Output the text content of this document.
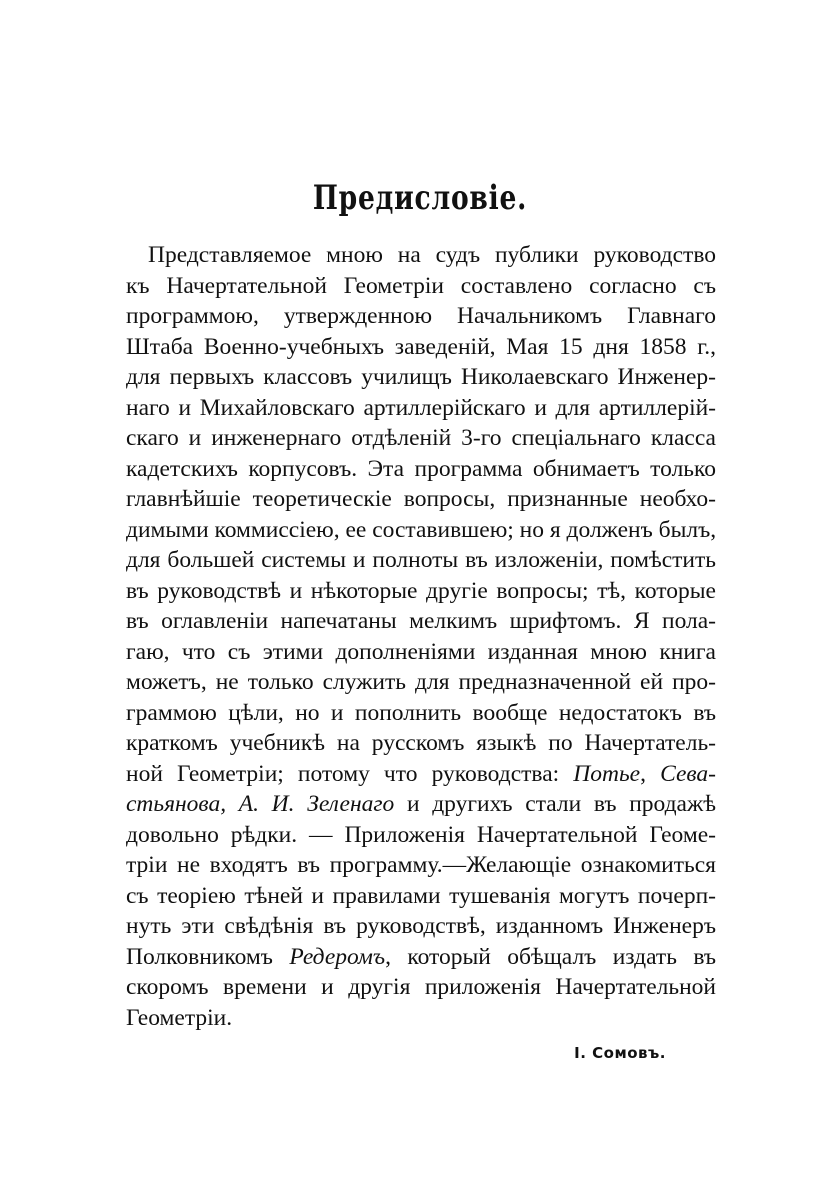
Предисловіе.
Представляемое мною на судъ публики руководство
къ Начертательной Геометріи составлено согласно съ
программою, утвержденною Начальникомъ Главнаго
Штаба Военно-учебныхъ заведеній, Мая 15 дня 1858 г.,
для первыхъ классовъ училищъ Николаевскаго Инженер-
наго и Михайловскаго артиллерійскаго и для артиллерій-
скаго и инженернаго отдѣленій 3-го спеціальнаго класса
кадетскихъ корпусовъ. Эта программа обнимаетъ только
главнѣйшіе теоретическіе вопросы, признанные необхо-
димыми коммиссіею, ее составившею; но я долженъ былъ,
для большей системы и полноты въ изложеніи, помѣстить
въ руководствѣ и нѣкоторые другіе вопросы; тѣ, которые
въ оглавленіи напечатаны мелкимъ шрифтомъ. Я пола-
гаю, что съ этими дополненіями изданная мною книга
можетъ, не только служить для предназначенной ей про-
граммою цѣли, но и пополнить вообще недостатокъ въ
краткомъ учебникѣ на русскомъ языкѣ по Начертатель-
ной Геометріи; потому что руководства: Потье, Сева-
стьянова, А. И. Зеленаго и другихъ стали въ продажѣ
довольно рѣдки. — Приложенія Начертательной Геоме-
тріи не входятъ въ программу.—Желающіе ознакомиться
съ теоріею тѣней и правилами тушеванія могутъ почерп-
нуть эти свѣдѣнія въ руководствѣ, изданномъ Инженеръ
Полковникомъ Редеромъ, который обѣщалъ издать въ
скоромъ времени и другія приложенія Начертательной
Геометріи.
І. Сомовъ.
